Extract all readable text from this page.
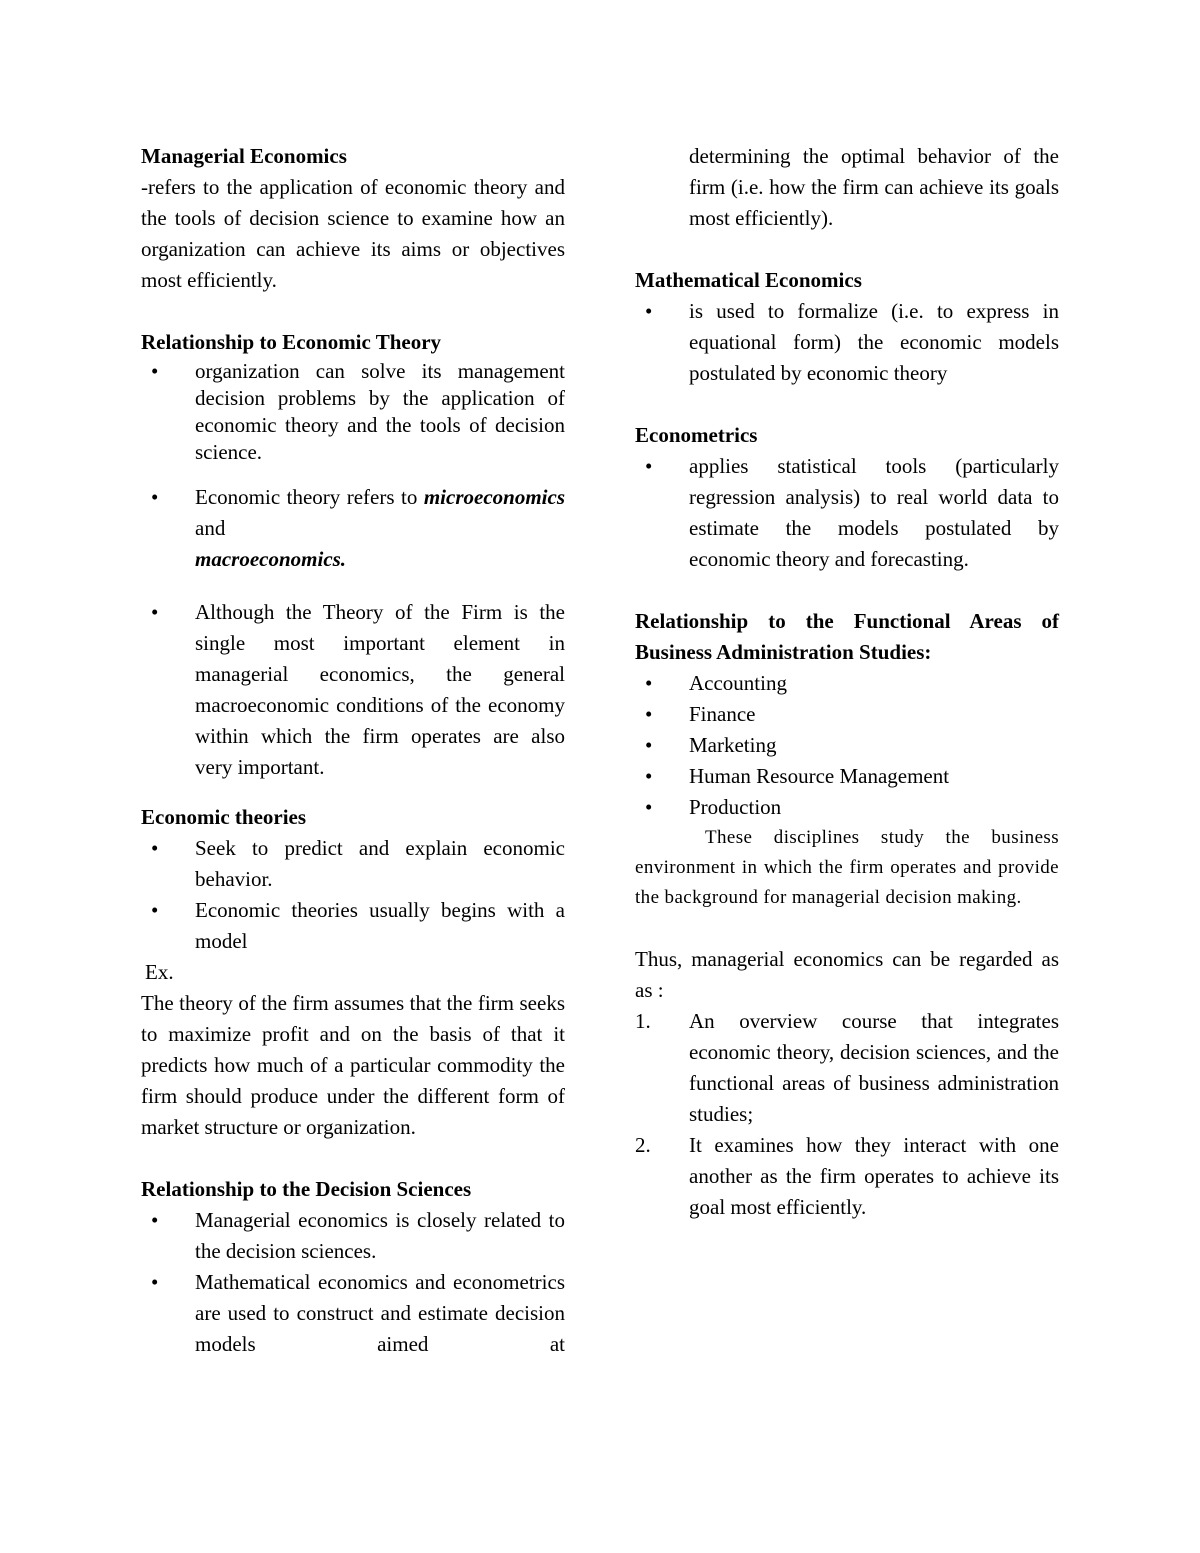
Managerial Economics

-refers to the application of economic theory and the tools of decision science to examine how an organization can achieve its aims or objectives most efficiently.

Relationship to Economic Theory

• organization can solve its management decision problems by the application of economic theory and the tools of decision science.
• Economic theory refers to microeconomics and
macroeconomics.
• Although the Theory of the Firm is the single most important element in managerial economics, the general macroeconomic conditions of the economy within which the firm operates are also very important.

Economic theories

• Seek to predict and explain economic behavior.
• Economic theories usually begins with a model

Ex.

The theory of the firm assumes that the firm seeks to maximize profit and on the basis of that it predicts how much of a particular commodity the firm should produce under the different form of market structure or organization.

Relationship to the Decision Sciences

• Managerial economics is closely related to the decision sciences.
• Mathematical economics and econometrics are used to construct and estimate decision models aimed at

determining the optimal behavior of the firm (i.e. how the firm can achieve its goals most efficiently).

Mathematical Economics

• is used to formalize (i.e. to express in equational form) the economic models postulated by economic theory

Econometrics

• applies statistical tools (particularly regression analysis) to real world data to estimate the models postulated by economic theory and forecasting.

Relationship to the Functional Areas of Business Administration Studies:

• Accounting
• Finance
• Marketing
• Human Resource Management
• Production

These disciplines study the business environment in which the firm operates and provide the background for managerial decision making.

Thus, managerial economics can be regarded as as :

1. An overview course that integrates economic theory, decision sciences, and the functional areas of business administration studies;
2. It examines how they interact with one another as the firm operates to achieve its goal most efficiently.
